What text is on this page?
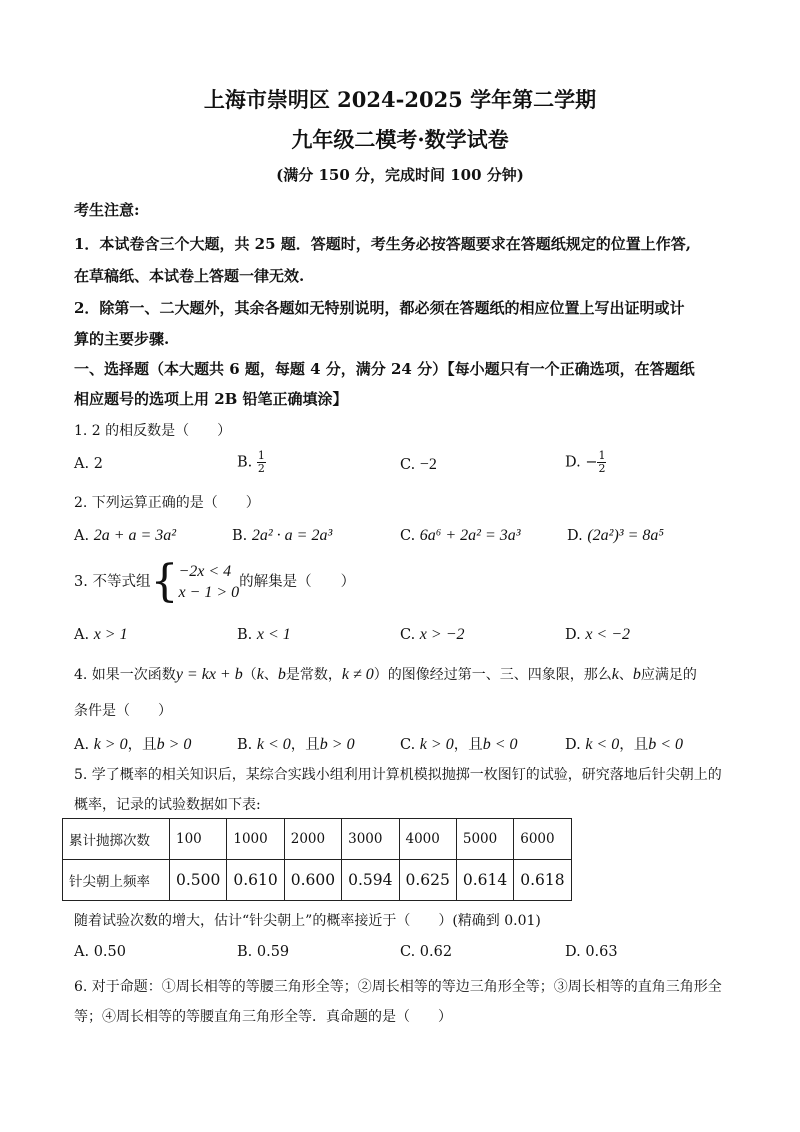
上海市崇明区 2024-2025 学年第二学期
九年级二模考·数学试卷
(满分 150 分，完成时间 100 分钟)
考生注意:
1．本试卷含三个大题，共 25 题．答题时，考生务必按答题要求在答题纸规定的位置上作答,
在草稿纸、本试卷上答题一律无效.
2．除第一、二大题外，其余各题如无特别说明，都必须在答题纸的相应位置上写出证明或计
算的主要步骤.
一、选择题（本大题共 6 题，每题 4 分，满分 24 分）【每小题只有一个正确选项，在答题纸
相应题号的选项上用 2B 铅笔正确填涂】
1. 2 的相反数是（　　）
A. 2	B. $\frac{1}{2}$	C. −2	D. − $\frac{1}{2}$
2. 下列运算正确的是（　　）
A. 2a + a = 3a²	B. 2a² · a = 2a³	C. 6a⁶ + 2a² = 3a³	D. (2a²)³ = 8a⁵
3. 不等式组{ −2x < 4
x − 1 > 0
的解集是（　　）
A. x > 1	B. x < 1	C. x > −2	D. x < −2
4. 如果一次函数y = kx + b（k、b是常数，k ≠ 0）的图像经过第一、三、四象限，那么k、b应满足的
条件是（　　）
A. k > 0，且b > 0	B. k < 0，且b > 0	C. k > 0，且b < 0	D. k < 0，且b < 0
5. 学了概率的相关知识后，某综合实践小组利用计算机模拟抛掷一枚图钉的试验，研究落地后针尖朝上的
概率，记录的试验数据如下表:
累计抛掷次数	100	1000	2000	3000	4000	5000	6000
针尖朝上频率	0.500	0.610	0.600	0.594	0.625	0.614	0.618
随着试验次数的增大，估计“针尖朝上”的概率接近于（　　）(精确到 0.01)
A. 0.50	B. 0.59	C. 0.62	D. 0.63
6. 对于命题：①周长相等的等腰三角形全等；②周长相等的等边三角形全等；③周长相等的直角三角形全
等；④周长相等的等腰直角三角形全等．真命题的是（　　）
